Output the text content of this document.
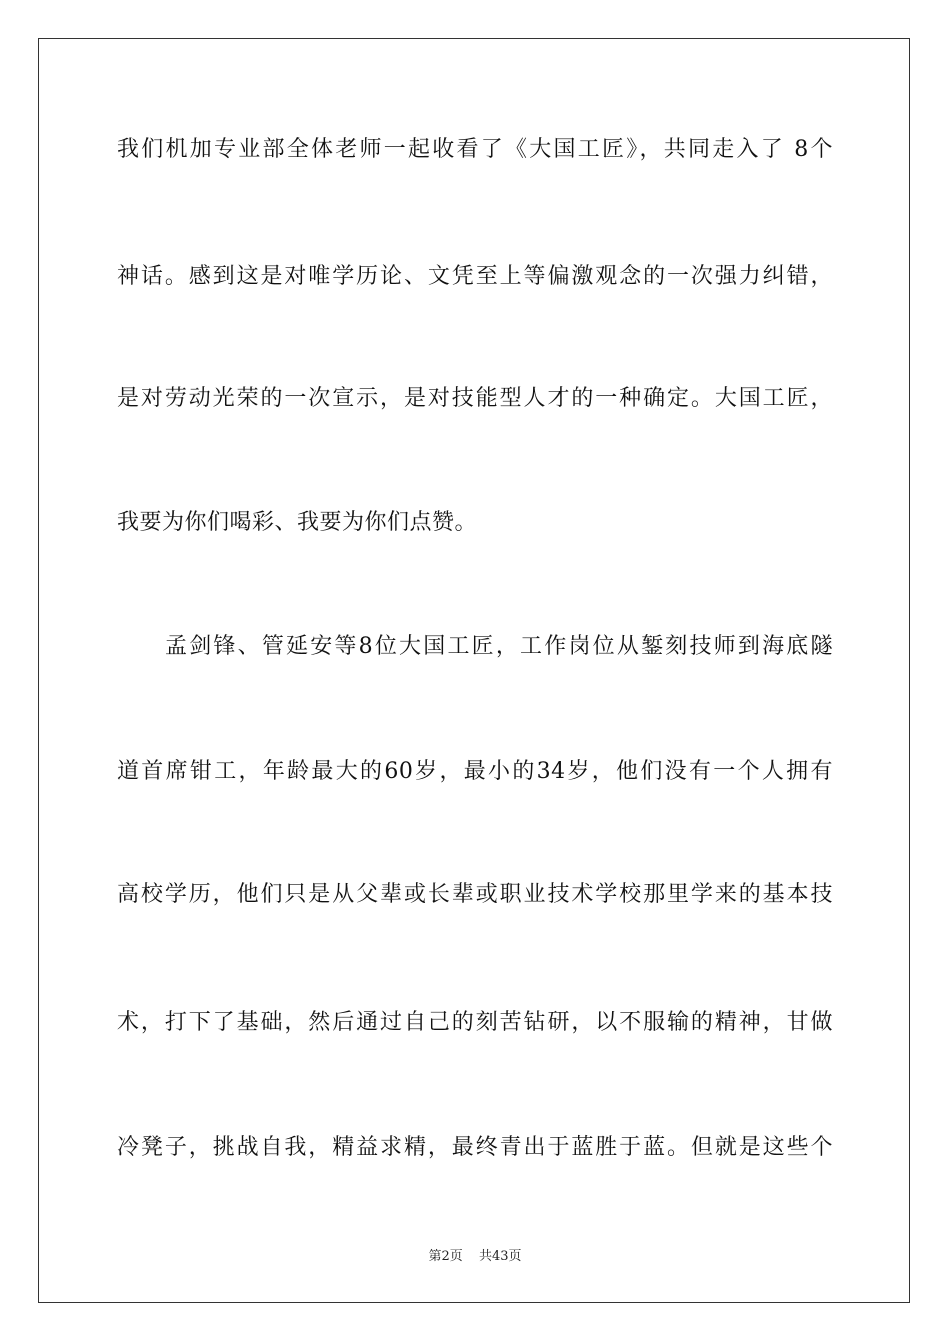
我们机加专业部全体老师一起收看了《大国工匠》，共同走入了 8个
神话。感到这是对唯学历论、文凭至上等偏激观念的一次强力纠错，
是对劳动光荣的一次宣示，是对技能型人才的一种确定。大国工匠，
我要为你们喝彩、我要为你们点赞。
孟剑锋、管延安等8位大国工匠，工作岗位从錾刻技师到海底隧
道首席钳工，年龄最大的60岁，最小的34岁，他们没有一个人拥有
高校学历，他们只是从父辈或长辈或职业技术学校那里学来的基本技
术，打下了基础，然后通过自己的刻苦钻研，以不服输的精神，甘做
冷凳子，挑战自我，精益求精，最终青出于蓝胜于蓝。但就是这些个
第2页 共43页
